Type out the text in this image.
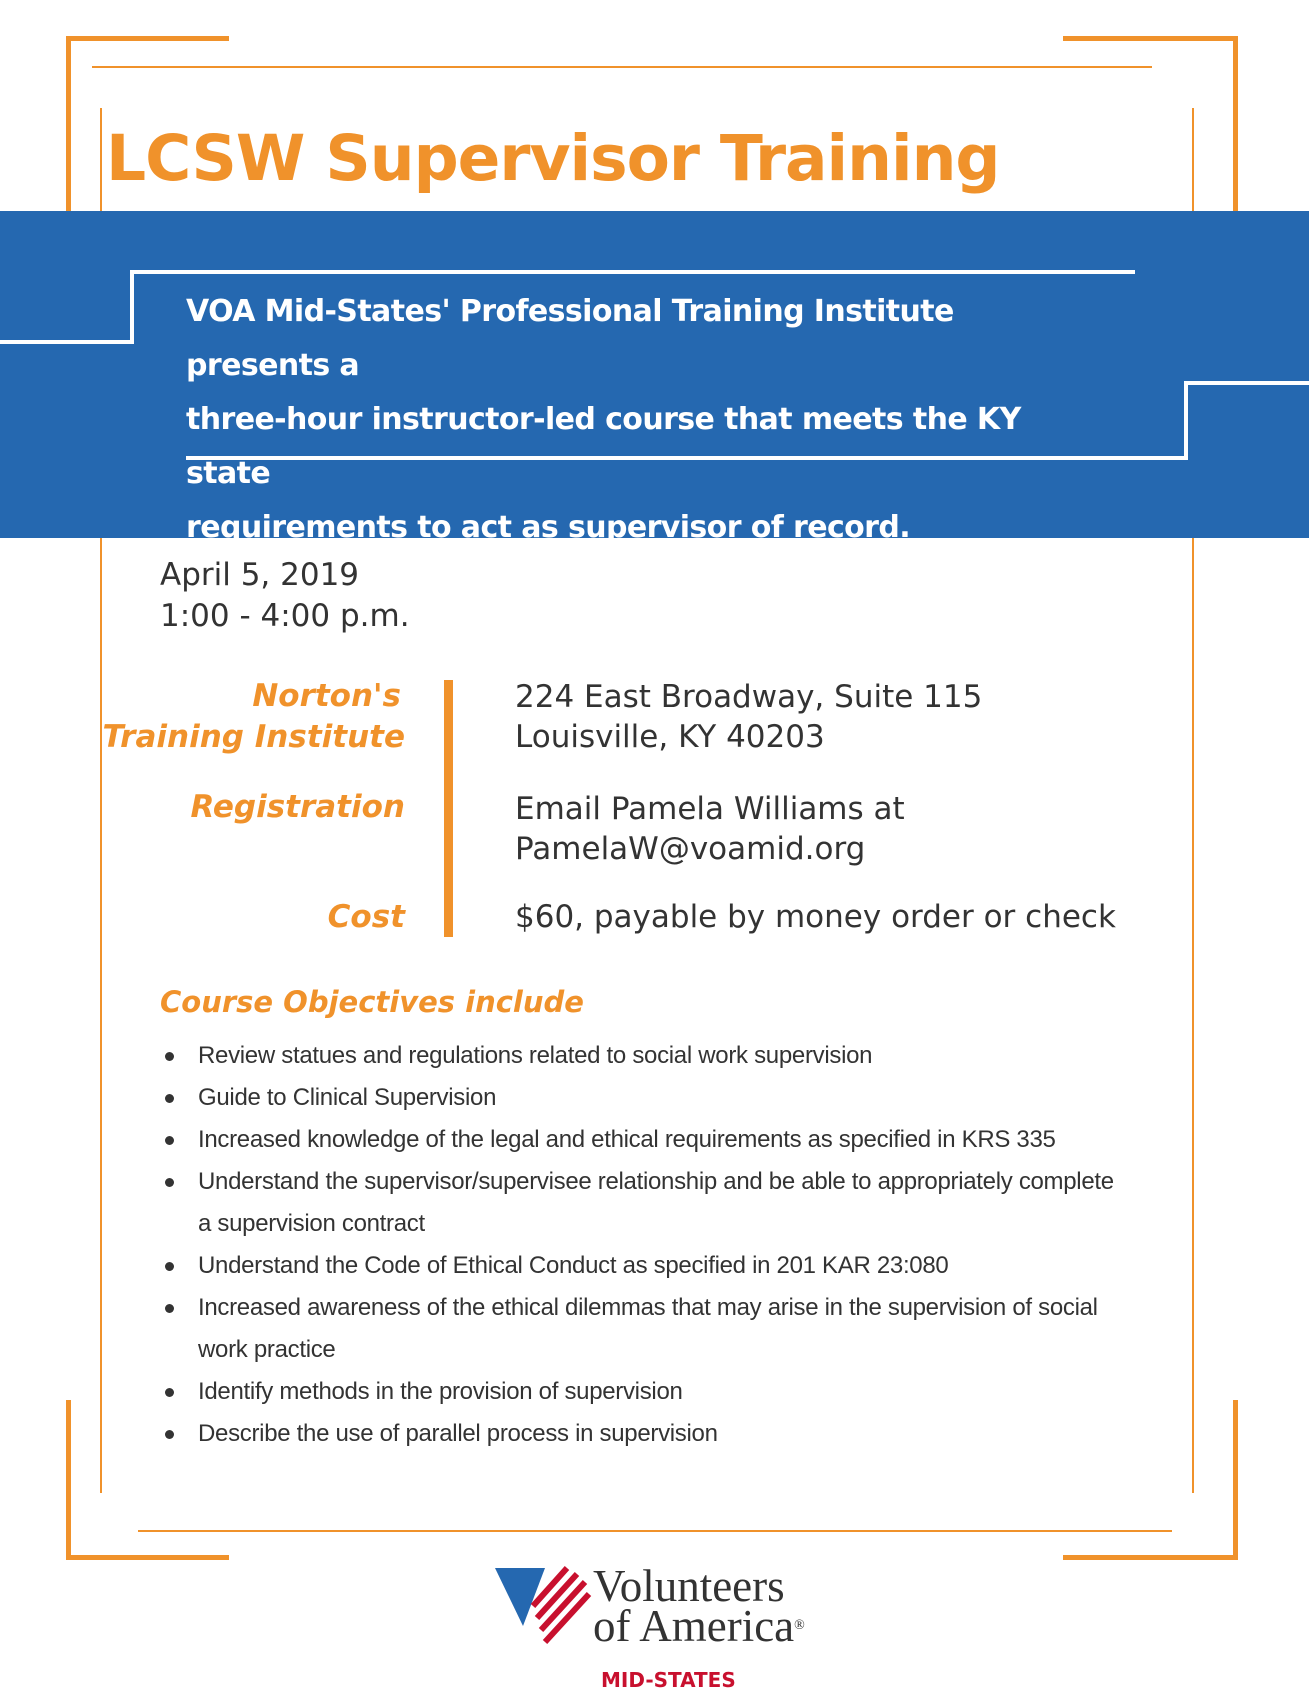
LCSW Supervisor Training

VOA Mid-States' Professional Training Institute presents a
three-hour instructor-led course that meets the KY state
requirements to act as supervisor of record.

April 5, 2019
1:00 - 4:00 p.m.
Norton's
Training Institute
224 East Broadway, Suite 115
Louisville, KY 40203
Registration	Email Pamela Williams at
PamelaW@voamid.org
Cost	$60, payable by money order or check
Course Objectives include
Review statues and regulations related to social work supervision
Guide to Clinical Supervision
Increased knowledge of the legal and ethical requirements as specified in KRS 335
Understand the supervisor/supervisee relationship and be able to appropriately complete a supervision contract
Understand the Code of Ethical Conduct as specified in 201 KAR 23:080
Increased awareness of the ethical dilemmas that may arise in the supervision of social work practice
Identify methods in the provision of supervision
Describe the use of parallel process in supervision
Volunteers
of America®
MID-STATES
